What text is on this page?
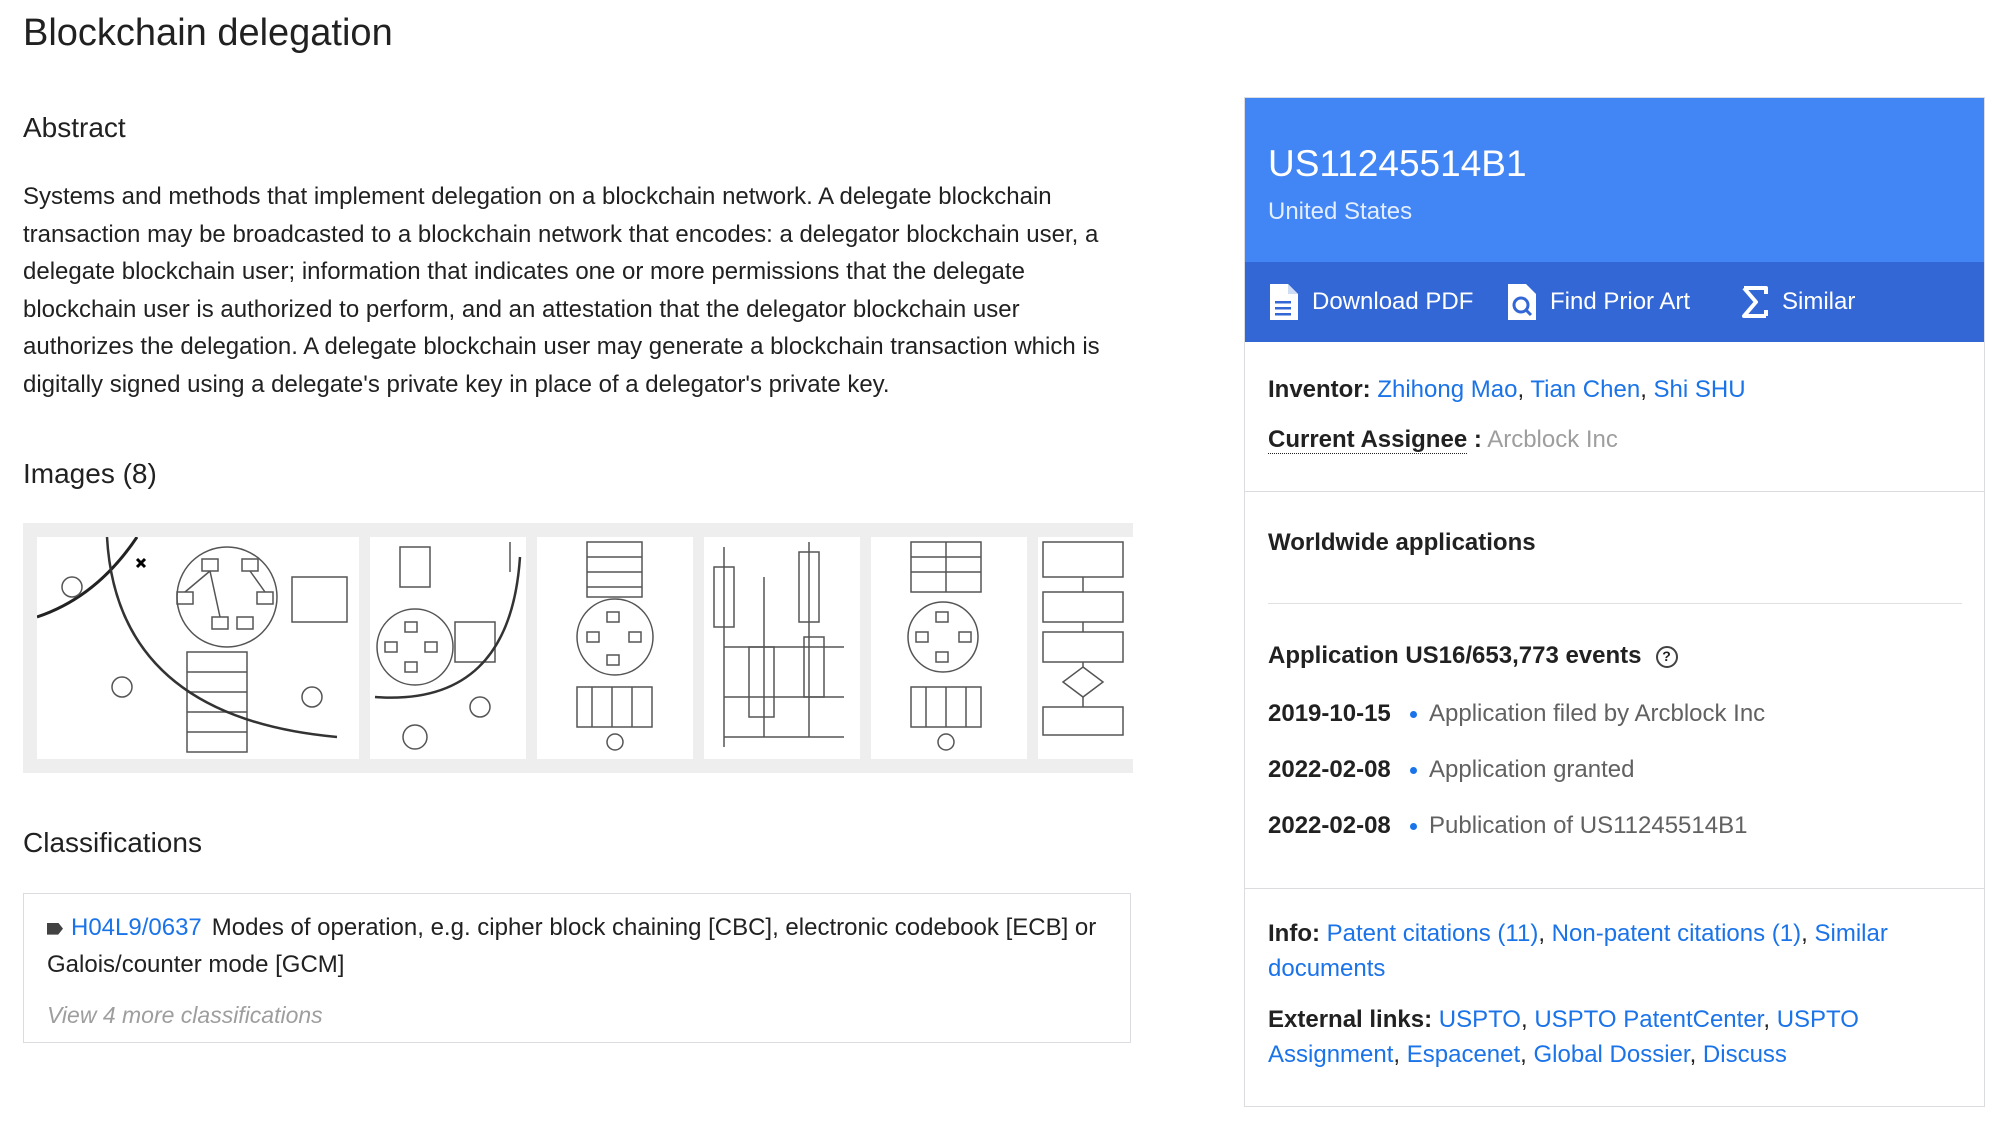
Blockchain delegation
Abstract

Systems and methods that implement delegation on a blockchain network. A delegate blockchain transaction may be broadcasted to a blockchain network that encodes: a delegator blockchain user, a delegate blockchain user; information that indicates one or more permissions that the delegate blockchain user is authorized to perform, and an attestation that the delegator blockchain user authorizes the delegation. A delegate blockchain user may generate a blockchain transaction which is digitally signed using a delegate's private key in place of a delegator's private key.

Images (8)
Classifications
H04L9/0637 Modes of operation, e.g. cipher block chaining [CBC], electronic codebook [ECB] or Galois/counter mode [GCM]
View 4 more classifications
US11245514B1
United States
Download PDF	Find Prior Art	Similar
Inventor: Zhihong Mao, Tian Chen, Shi SHU
Current Assignee : Arcblock Inc
Worldwide applications
Application US16/653,773 events ?
2019-10-15	Application filed by Arcblock Inc
2022-02-08	Application granted
2022-02-08	Publication of US11245514B1
Info: Patent citations (11), Non-patent citations (1), Similar documents
External links: USPTO, USPTO PatentCenter, USPTO Assignment, Espacenet, Global Dossier, Discuss
